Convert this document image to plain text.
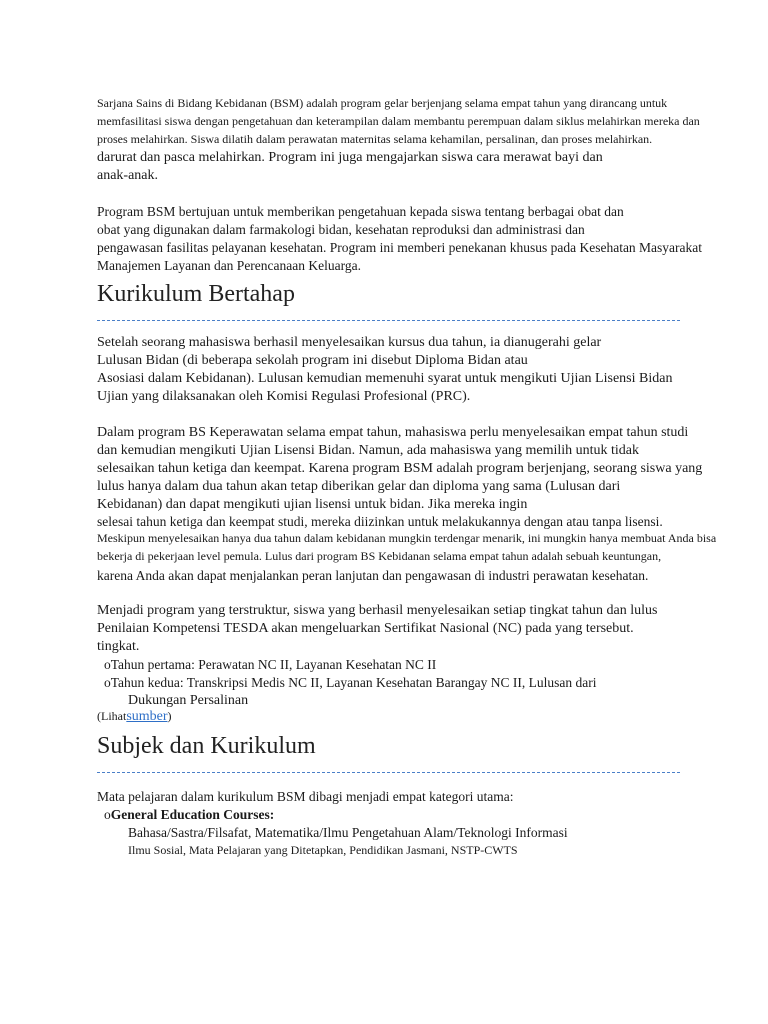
Sarjana Sains di Bidang Kebidanan (BSM) adalah program gelar berjenjang selama empat tahun yang dirancang untuk
memfasilitasi siswa dengan pengetahuan dan keterampilan dalam membantu perempuan dalam siklus melahirkan mereka dan
proses melahirkan. Siswa dilatih dalam perawatan maternitas selama kehamilan, persalinan, dan proses melahirkan.
darurat dan pasca melahirkan. Program ini juga mengajarkan siswa cara merawat bayi dan
anak-anak.
Program BSM bertujuan untuk memberikan pengetahuan kepada siswa tentang berbagai obat dan
obat yang digunakan dalam farmakologi bidan, kesehatan reproduksi dan administrasi dan
pengawasan fasilitas pelayanan kesehatan. Program ini memberi penekanan khusus pada Kesehatan Masyarakat
Manajemen Layanan dan Perencanaan Keluarga.
Kurikulum Bertahap
Setelah seorang mahasiswa berhasil menyelesaikan kursus dua tahun, ia dianugerahi gelar
Lulusan Bidan (di beberapa sekolah program ini disebut Diploma Bidan atau
Asosiasi dalam Kebidanan). Lulusan kemudian memenuhi syarat untuk mengikuti Ujian Lisensi Bidan
Ujian yang dilaksanakan oleh Komisi Regulasi Profesional (PRC).
Dalam program BS Keperawatan selama empat tahun, mahasiswa perlu menyelesaikan empat tahun studi
dan kemudian mengikuti Ujian Lisensi Bidan. Namun, ada mahasiswa yang memilih untuk tidak
selesaikan tahun ketiga dan keempat. Karena program BSM adalah program berjenjang, seorang siswa yang
lulus hanya dalam dua tahun akan tetap diberikan gelar dan diploma yang sama (Lulusan dari
Kebidanan) dan dapat mengikuti ujian lisensi untuk bidan. Jika mereka ingin
selesai tahun ketiga dan keempat studi, mereka diizinkan untuk melakukannya dengan atau tanpa lisensi.
Meskipun menyelesaikan hanya dua tahun dalam kebidanan mungkin terdengar menarik, ini mungkin hanya membuat Anda bisa
bekerja di pekerjaan level pemula. Lulus dari program BS Kebidanan selama empat tahun adalah sebuah keuntungan,
karena Anda akan dapat menjalankan peran lanjutan dan pengawasan di industri perawatan kesehatan.
Menjadi program yang terstruktur, siswa yang berhasil menyelesaikan setiap tingkat tahun dan lulus
Penilaian Kompetensi TESDA akan mengeluarkan Sertifikat Nasional (NC) pada yang tersebut.
tingkat.
oTahun pertama: Perawatan NC II, Layanan Kesehatan NC II
oTahun kedua: Transkripsi Medis NC II, Layanan Kesehatan Barangay NC II, Lulusan dari
Dukungan Persalinan
(Lihatsumber)
Subjek dan Kurikulum
Mata pelajaran dalam kurikulum BSM dibagi menjadi empat kategori utama:
oGeneral Education Courses:
Bahasa/Sastra/Filsafat, Matematika/Ilmu Pengetahuan Alam/Teknologi Informasi
Ilmu Sosial, Mata Pelajaran yang Ditetapkan, Pendidikan Jasmani, NSTP-CWTS
